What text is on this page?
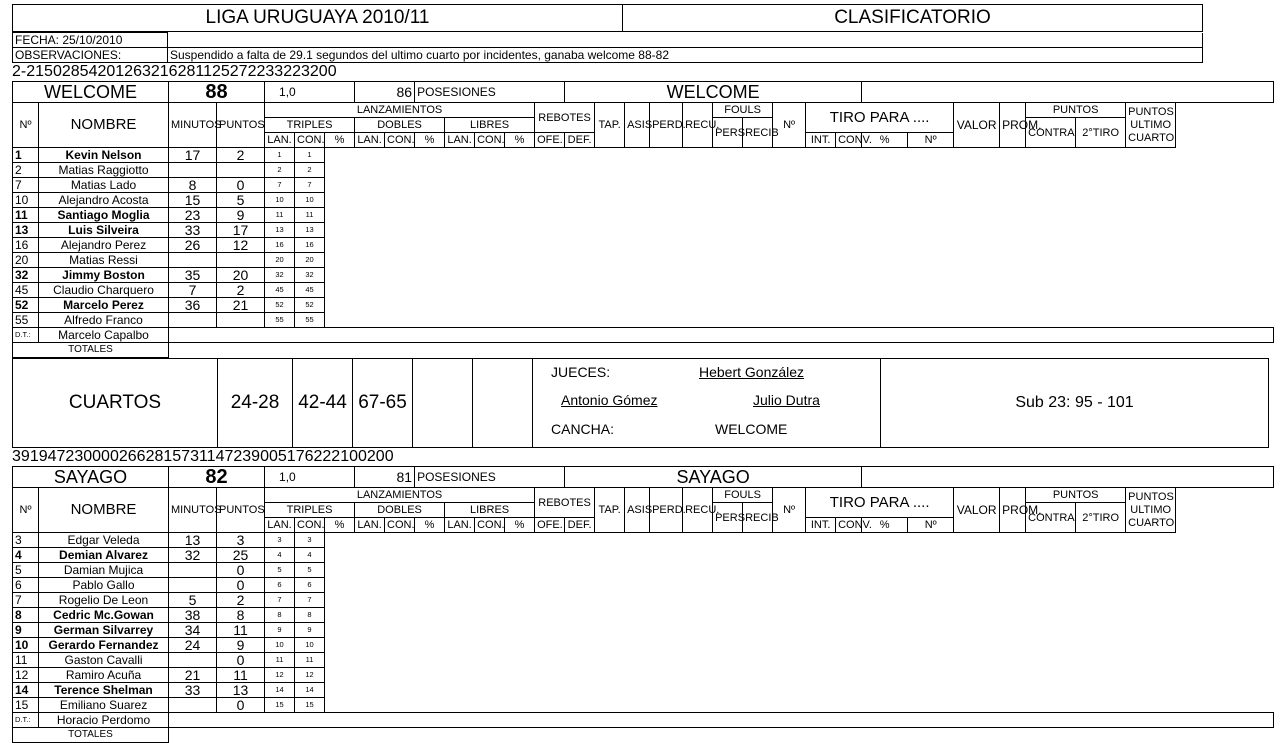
LIGA URUGUAYA 2010/11	CLASIFICATORIO	
FECHA: 25/10/2010		
OBSERVACIONES:	Suspendido a falta de 29.1 segundos del ultimo cuarto por incidentes, ganaba welcome 88-82	
2-21502854201263216281125272233223200
WELCOME		88		1,0			86		POSESIONES					WELCOME																
Nº	NOMBRE	MINUTOS	PUNTOS	LANZAMIENTOS									REBOTES		TAP.	ASIS.	PERD.	RECU.	FOULS		Nº	TIRO PARA ....				VALOR	PROM.	PUNTOS		PUNTOS
ULTIMO
CUARTO

				TRIPLES			DOBLES			LIBRES									PERS	RECIB								CONTRA	2°TIRO	
				LAN.	CON.	%	LAN.	CON.	%	LAN.	CON.	%	OFE.	DEF.								INT.	CONV.	%	Nº					
1	Kevin Nelson	17	2	1	1																									
2	Matias Raggiotto			2	2																									
7	Matias Lado	8	0	7	7																									
10	Alejandro Acosta	15	5	10	10																									
11	Santiago Moglia	23	9	11	11																									
13	Luis Silveira	33	17	13	13																									
16	Alejandro Perez	26	12	16	16																									
20	Matias Ressi			20	20																									
32	Jimmy Boston	35	20	32	32																									
45	Claudio Charquero	7	2	45	45																									
52	Marcelo Perez	36	21	52	52																									
55	Alfredo Franco			55	55																									
D.T.:	Marcelo Capalbo																													
TOTALES																														
CUARTOS	24-28	42-44	67-65			
JUECES:	Hebert González
Antonio Gómez	Julio Dutra
CANCHA:	WELCOME
	Sub 23: 95 - 101
3919472300002662815731147239005176222100200
SAYAGO		82		1,0			81		POSESIONES					SAYAGO																
Nº	NOMBRE	MINUTOS	PUNTOS	LANZAMIENTOS									REBOTES		TAP.	ASIS.	PERD.	RECU.	FOULS		Nº	TIRO PARA ....				VALOR	PROM.	PUNTOS		PUNTOS
ULTIMO
CUARTO

				TRIPLES			DOBLES			LIBRES									PERS	RECIB								CONTRA	2°TIRO	
				LAN.	CON.	%	LAN.	CON.	%	LAN.	CON.	%	OFE.	DEF.								INT.	CONV.	%	Nº					
3	Edgar Veleda	13	3	3	3																									
4	Demian Alvarez	32	25	4	4																									
5	Damian Mujica		0	5	5																									
6	Pablo Gallo		0	6	6																									
7	Rogelio De Leon	5	2	7	7																									
8	Cedric Mc.Gowan	38	8	8	8																									
9	German Silvarrey	34	11	9	9																									
10	Gerardo Fernandez	24	9	10	10																									
11	Gaston Cavalli		0	11	11																									
12	Ramiro Acuña	21	11	12	12																									
14	Terence Shelman	33	13	14	14																									
15	Emiliano Suarez		0	15	15																									
D.T.:	Horacio Perdomo																													
TOTALES																														
